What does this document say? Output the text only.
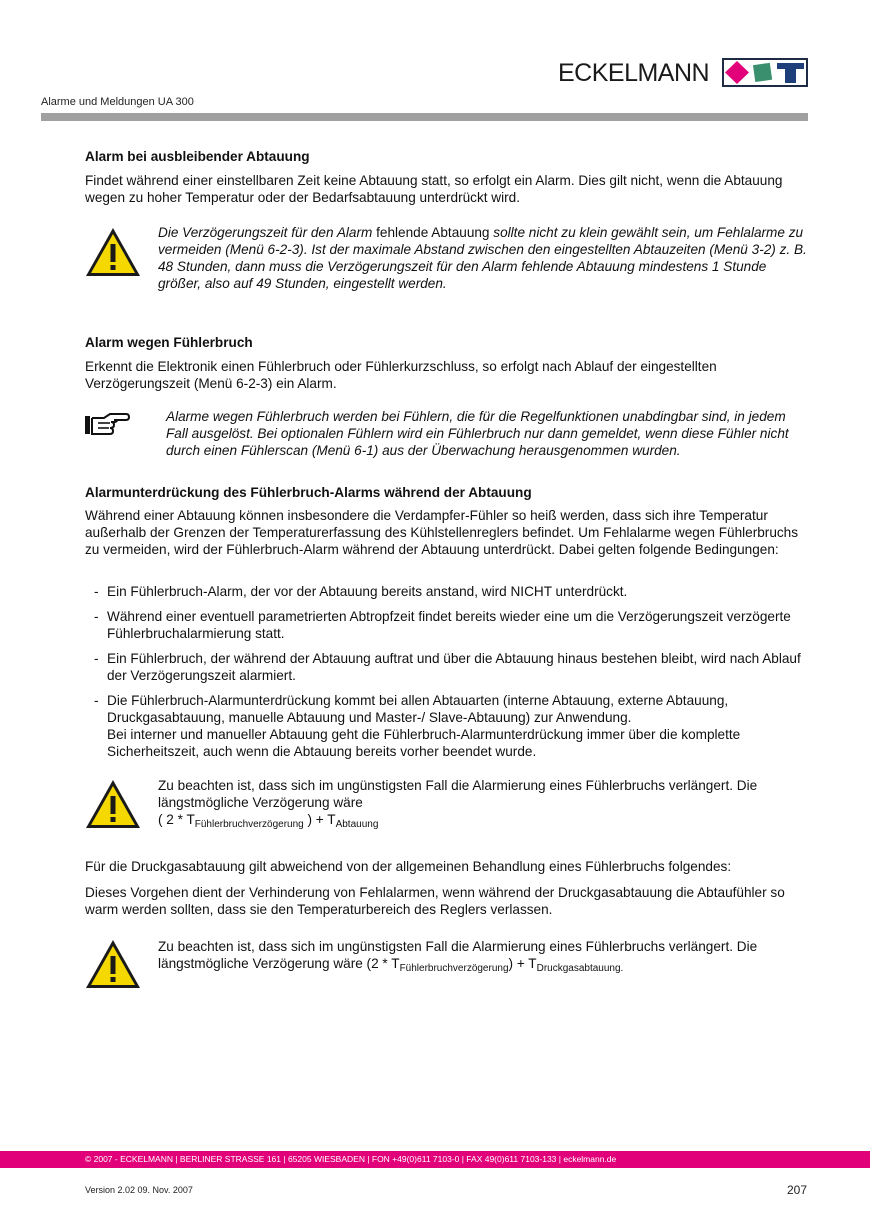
ECKELMANN
Alarme und Meldungen UA 300
Alarm bei ausbleibender Abtauung

Findet während einer einstellbaren Zeit keine Abtauung statt, so erfolgt ein Alarm. Dies gilt nicht, wenn die Abtauung wegen zu hoher Temperatur oder der Bedarfsabtauung unterdrückt wird.

Die Verzögerungszeit für den Alarm fehlende Abtauung sollte nicht zu klein gewählt sein, um Fehlalarme zu vermeiden (Menü 6-2-3). Ist der maximale Abstand zwischen den eingestellten Abtauzeiten (Menü 3-2) z. B. 48 Stunden, dann muss die Verzögerungszeit für den Alarm fehlende Abtauung mindestens 1 Stunde größer, also auf 49 Stunden, eingestellt werden.
Alarm wegen Fühlerbruch

Erkennt die Elektronik einen Fühlerbruch oder Fühlerkurzschluss, so erfolgt nach Ablauf der eingestellten Verzögerungszeit (Menü 6-2-3) ein Alarm.

Alarme wegen Fühlerbruch werden bei Fühlern, die für die Regelfunktionen unabdingbar sind, in jedem Fall ausgelöst. Bei optionalen Fühlern wird ein Fühlerbruch nur dann gemeldet, wenn diese Fühler nicht durch einen Fühlerscan (Menü 6-1) aus der Überwachung herausgenommen wurden.

Alarmunterdrückung des Fühlerbruch-Alarms während der Abtauung

Während einer Abtauung können insbesondere die Verdampfer-Fühler so heiß werden, dass sich ihre Temperatur außerhalb der Grenzen der Temperaturerfassung des Kühlstellenreglers befindet. Um Fehlalarme wegen Fühlerbruchs zu vermeiden, wird der Fühlerbruch-Alarm während der Abtauung unterdrückt. Dabei gelten folgende Bedingungen:

- Ein Fühlerbruch-Alarm, der vor der Abtauung bereits anstand, wird NICHT unterdrückt.
- Während einer eventuell parametrierten Abtropfzeit findet bereits wieder eine um die Verzögerungszeit verzögerte Fühlerbruchalarmierung statt.
- Ein Fühlerbruch, der während der Abtauung auftrat und über die Abtauung hinaus bestehen bleibt, wird nach Ablauf der Verzögerungszeit alarmiert.
- Die Fühlerbruch-Alarmunterdrückung kommt bei allen Abtauarten (interne Abtauung, externe Abtauung, Druckgasabtauung, manuelle Abtauung und Master-/ Slave-Abtauung) zur Anwendung.
Bei interner und manueller Abtauung geht die Fühlerbruch-Alarmunterdrückung immer über die komplette Sicherheitszeit, auch wenn die Abtauung bereits vorher beendet wurde.
Zu beachten ist, dass sich im ungünstigsten Fall die Alarmierung eines Fühlerbruchs verlängert. Die längstmögliche Verzögerung wäre
( $2 * T_{Fühlerbruchverzögerung}$ ) + $T_{Abtauung}$

Für die Druckgasabtauung gilt abweichend von der allgemeinen Behandlung eines Fühlerbruchs folgendes:

Dieses Vorgehen dient der Verhinderung von Fehlalarmen, wenn während der Druckgasabtauung die Abtaufühler so warm werden sollten, dass sie den Temperaturbereich des Reglers verlassen.

Zu beachten ist, dass sich im ungünstigsten Fall die Alarmierung eines Fühlerbruchs verlängert. Die längstmögliche Verzögerung wäre $(2 * T_{Fühlerbruchverzögerung}) + T_{Druckgasabtauung.}$
© 2007 - ECKELMANN | BERLINER STRASSE 161 | 65205 WIESBADEN | FON +49(0)611 7103-0 | FAX 49(0)611 7103-133 | eckelmann.de
Version 2.02 09. Nov. 2007	207
